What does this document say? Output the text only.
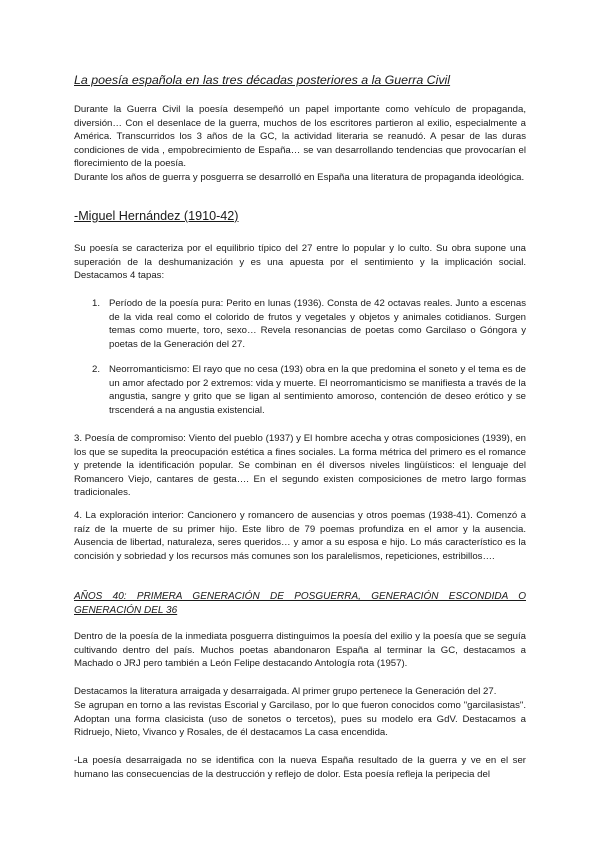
La poesía española en las tres décadas posteriores a la Guerra Civil

Durante la Guerra Civil la poesía desempeñó un papel importante como vehículo de propaganda, diversión… Con el desenlace de la guerra, muchos de los escritores partieron al exilio, especialmente a América. Transcurridos los 3 años de la GC, la actividad literaria se reanudó. A pesar de las duras condiciones de vida , empobrecimiento de España… se van desarrollando tendencias que provocarían el florecimiento de la poesía.

Durante los años de guerra y posguerra se desarrolló en España una literatura de propaganda ideológica.

-Miguel Hernández (1910-42)

Su poesía se caracteriza por el equilibrio típico del 27 entre lo popular y lo culto. Su obra supone una superación de la deshumanización y es una apuesta por el sentimiento y la implicación social. Destacamos 4 tapas:

1. Período de la poesía pura: Perito en lunas (1936). Consta de 42 octavas reales. Junto a escenas de la vida real como el colorido de frutos y vegetales y objetos y animales cotidianos. Surgen temas como muerte, toro, sexo… Revela resonancias de poetas como Garcilaso o Góngora y poetas de la Generación del 27.
2. Neorromanticismo: El rayo que no cesa (193) obra en la que predomina el soneto y el tema es de un amor afectado por 2 extremos: vida y muerte. El neorromanticismo se manifiesta a través de la angustia, sangre y grito que se ligan al sentimiento amoroso, contención de deseo erótico y se trscenderá a na angustia existencial.

3. Poesía de compromiso: Viento del pueblo (1937) y El hombre acecha y otras composiciones (1939), en los que se supedita la preocupación estética a fines sociales. La forma métrica del primero es el romance y pretende la identificación popular. Se combinan en él diversos niveles lingüísticos: el lenguaje del Romancero Viejo, cantares de gesta…. En el segundo existen composiciones de metro largo formas tradicionales.

4. La exploración interior: Cancionero y romancero de ausencias y otros poemas (1938-41). Comenzó a raíz de la muerte de su primer hijo. Este libro de 79 poemas profundiza en el amor y la ausencia. Ausencia de libertad, naturaleza, seres queridos… y amor a su esposa e hijo. Lo más característico es la concisión y sobriedad y los recursos más comunes son los paralelismos, repeticiones, estribillos….

AÑOS 40: PRIMERA GENERACIÓN DE POSGUERRA, GENERACIÓN ESCONDIDA O GENERACIÓN DEL 36

Dentro de la poesía de la inmediata posguerra distinguimos la poesía del exilio y la poesía que se seguía cultivando dentro del país. Muchos poetas abandonaron España al terminar la GC, destacamos a Machado o JRJ pero también a León Felipe destacando Antología rota (1957).

Destacamos la literatura arraigada y desarraigada. Al primer grupo pertenece la Generación del 27.

Se agrupan en torno a las revistas Escorial y Garcilaso, por lo que fueron conocidos como "garcilasistas". Adoptan una forma clasicista (uso de sonetos o tercetos), pues su modelo era GdV. Destacamos a Ridruejo, Nieto, Vivanco y Rosales, de él destacamos La casa encendida.

-La poesía desarraigada no se identifica con la nueva España resultado de la guerra y ve en el ser humano las consecuencias de la destrucción y reflejo de dolor. Esta poesía refleja la peripecia del
